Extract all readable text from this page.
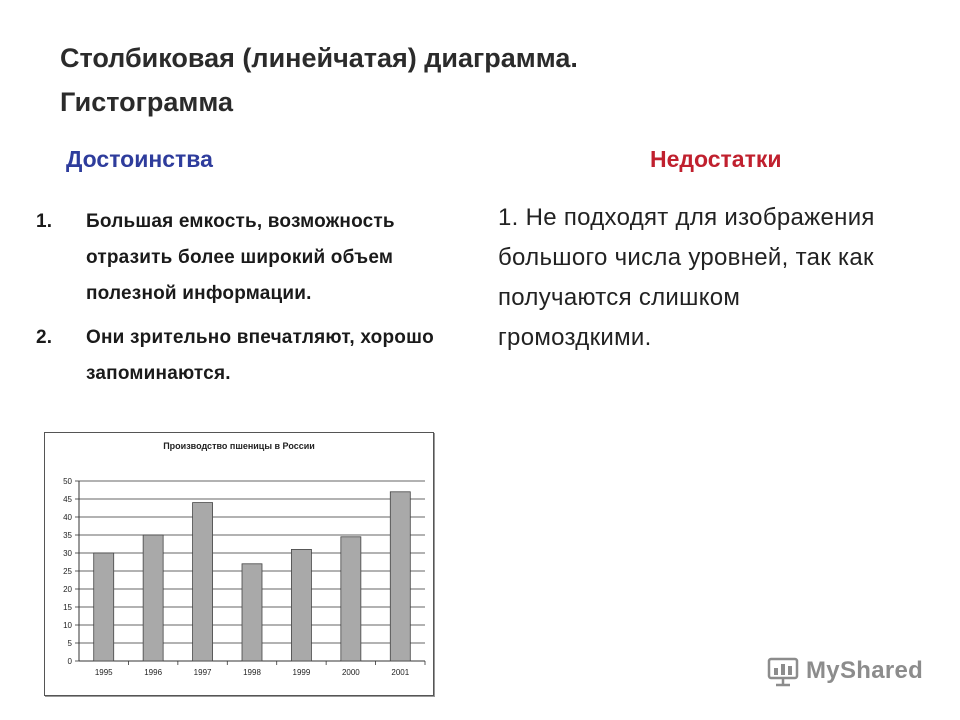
Столбиковая (линейчатая) диаграмма.
Гистограмма
Достоинства	Недостатки
1.	Большая емкость, возможность отразить более широкий объем полезной информации.
2.	Они зрительно впечатляют, хорошо запоминаются.
1. Не подходят для изображения большого числа уровней, так как получаются слишком громоздкими.
Производство пшеницы в России
0
5
10
15
20
25
30
35
40
45
50
1995	1996	1997	1998	1999	2000	2001	MyShared
